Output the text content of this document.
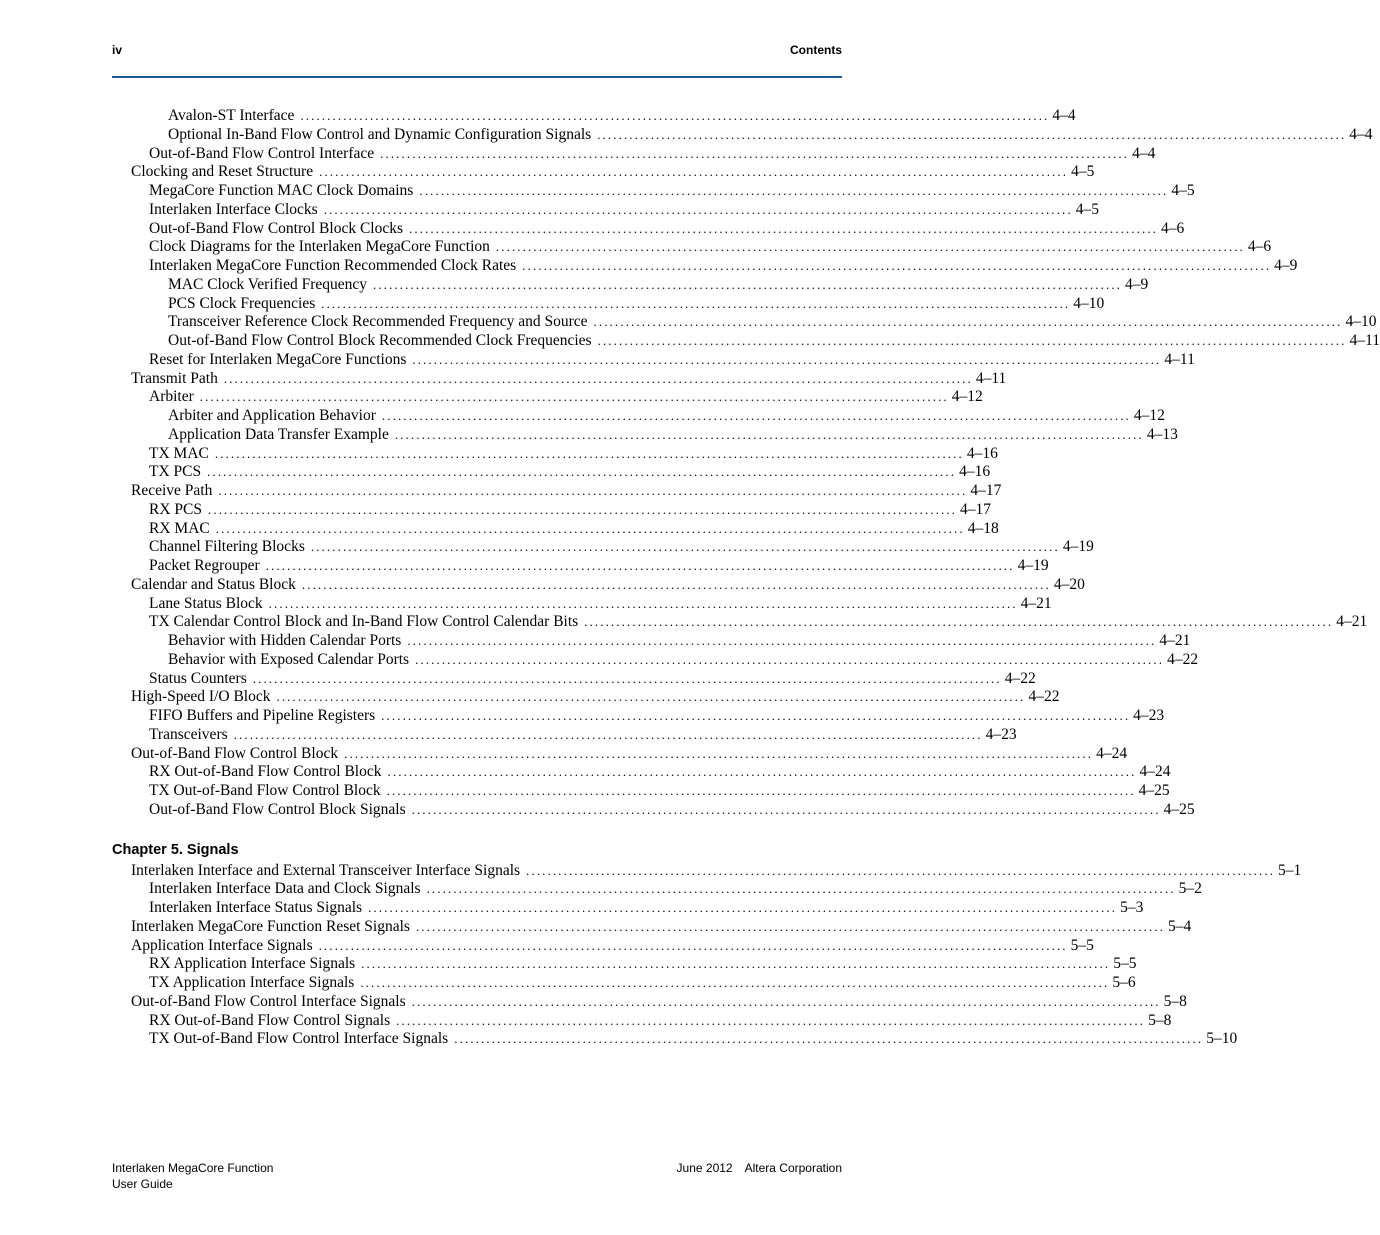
iv	Contents
Avalon-ST Interface ............................................................................................................................................ 4–4
Optional In-Band Flow Control and Dynamic Configuration Signals ............................................................................................................................................ 4–4
Out-of-Band Flow Control Interface ............................................................................................................................................ 4–4
Clocking and Reset Structure ............................................................................................................................................ 4–5
MegaCore Function MAC Clock Domains ............................................................................................................................................ 4–5
Interlaken Interface Clocks ............................................................................................................................................ 4–5
Out-of-Band Flow Control Block Clocks ............................................................................................................................................ 4–6
Clock Diagrams for the Interlaken MegaCore Function ............................................................................................................................................ 4–6
Interlaken MegaCore Function Recommended Clock Rates ............................................................................................................................................ 4–9
MAC Clock Verified Frequency ............................................................................................................................................ 4–9
PCS Clock Frequencies ............................................................................................................................................ 4–10
Transceiver Reference Clock Recommended Frequency and Source ............................................................................................................................................ 4–10
Out-of-Band Flow Control Block Recommended Clock Frequencies ............................................................................................................................................ 4–11
Reset for Interlaken MegaCore Functions ............................................................................................................................................ 4–11
Transmit Path ............................................................................................................................................ 4–11
Arbiter ............................................................................................................................................ 4–12
Arbiter and Application Behavior ............................................................................................................................................ 4–12
Application Data Transfer Example ............................................................................................................................................ 4–13
TX MAC ............................................................................................................................................ 4–16
TX PCS ............................................................................................................................................ 4–16
Receive Path ............................................................................................................................................ 4–17
RX PCS ............................................................................................................................................ 4–17
RX MAC ............................................................................................................................................ 4–18
Channel Filtering Blocks ............................................................................................................................................ 4–19
Packet Regrouper ............................................................................................................................................ 4–19
Calendar and Status Block ............................................................................................................................................ 4–20
Lane Status Block ............................................................................................................................................ 4–21
TX Calendar Control Block and In-Band Flow Control Calendar Bits ............................................................................................................................................ 4–21
Behavior with Hidden Calendar Ports ............................................................................................................................................ 4–21
Behavior with Exposed Calendar Ports ............................................................................................................................................ 4–22
Status Counters ............................................................................................................................................ 4–22
High-Speed I/O Block ............................................................................................................................................ 4–22
FIFO Buffers and Pipeline Registers ............................................................................................................................................ 4–23
Transceivers ............................................................................................................................................ 4–23
Out-of-Band Flow Control Block ............................................................................................................................................ 4–24
RX Out-of-Band Flow Control Block ............................................................................................................................................ 4–24
TX Out-of-Band Flow Control Block ............................................................................................................................................ 4–25
Out-of-Band Flow Control Block Signals ............................................................................................................................................ 4–25
Chapter 5. Signals
Interlaken Interface and External Transceiver Interface Signals ............................................................................................................................................ 5–1
Interlaken Interface Data and Clock Signals ............................................................................................................................................ 5–2
Interlaken Interface Status Signals ............................................................................................................................................ 5–3
Interlaken MegaCore Function Reset Signals ............................................................................................................................................ 5–4
Application Interface Signals ............................................................................................................................................ 5–5
RX Application Interface Signals ............................................................................................................................................ 5–5
TX Application Interface Signals ............................................................................................................................................ 5–6
Out-of-Band Flow Control Interface Signals ............................................................................................................................................ 5–8
RX Out-of-Band Flow Control Signals ............................................................................................................................................ 5–8
TX Out-of-Band Flow Control Interface Signals ............................................................................................................................................ 5–10
Interlaken MegaCore Function
User Guide
June 2012 Altera Corporation
